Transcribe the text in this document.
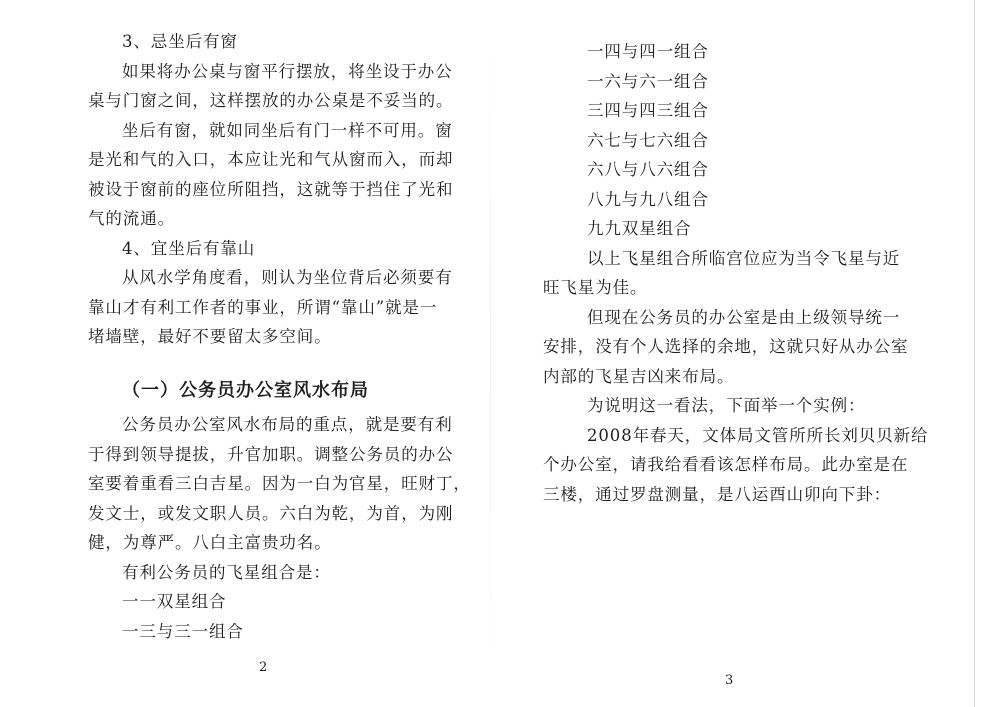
3、忌坐后有窗
如果将办公桌与窗平行摆放，将坐设于办公
桌与门窗之间，这样摆放的办公桌是不妥当的。
坐后有窗，就如同坐后有门一样不可用。窗
是光和气的入口，本应让光和气从窗而入，而却
被设于窗前的座位所阻挡，这就等于挡住了光和
气的流通。
4、宜坐后有靠山
从风水学角度看，则认为坐位背后必须要有
靠山才有利工作者的事业，所谓“靠山”就是一
堵墙壁，最好不要留太多空间。
（一）公务员办公室风水布局
公务员办公室风水布局的重点，就是要有利
于得到领导提拔，升官加职。调整公务员的办公
室要着重看三白吉星。因为一白为官星，旺财丁，
发文士，或发文职人员。六白为乾，为首，为刚
健，为尊严。八白主富贵功名。
有利公务员的飞星组合是：
一一双星组合
一三与三一组合
2
一四与四一组合
一六与六一组合
三四与四三组合
六七与七六组合
六八与八六组合
八九与九八组合
九九双星组合
以上飞星组合所临宫位应为当令飞星与近
旺飞星为佳。
但现在公务员的办公室是由上级领导统一
安排，没有个人选择的余地，这就只好从办公室
内部的飞星吉凶来布局。
为说明这一看法，下面举一个实例：
2008年春天，文体局文管所所长刘贝贝新给
个办公室，请我给看看该怎样布局。此办室是在
三楼，通过罗盘测量，是八运酉山卯向下卦：
3
